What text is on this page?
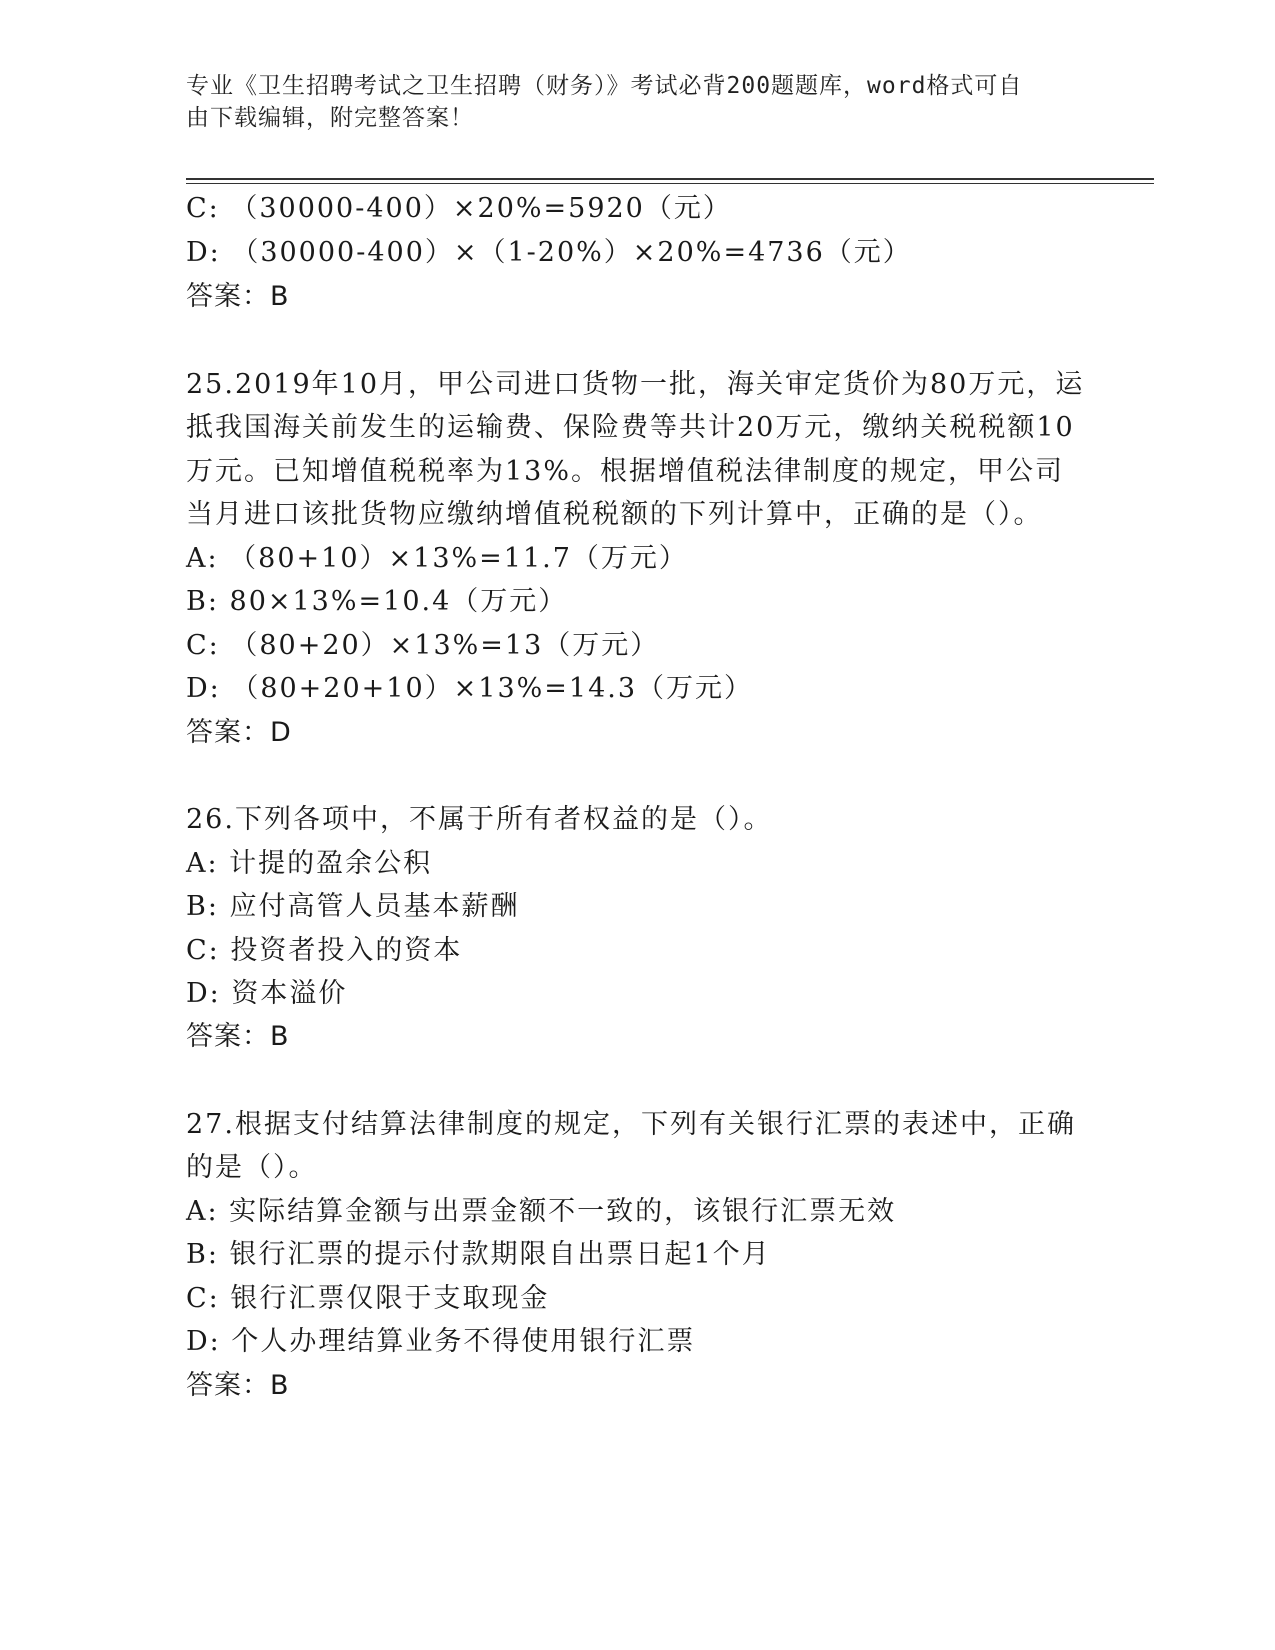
专业《卫生招聘考试之卫生招聘（财务）》考试必背200题题库，word格式可自
由下载编辑，附完整答案！
C: （30000-400）×20%=5920（元）
D: （30000-400）×（1-20%）×20%=4736（元）
答案：B
25.2019年10月，甲公司进口货物一批，海关审定货价为80万元，运
抵我国海关前发生的运输费、保险费等共计20万元，缴纳关税税额10
万元。已知增值税税率为13%。根据增值税法律制度的规定，甲公司
当月进口该批货物应缴纳增值税税额的下列计算中，正确的是（）。
A: （80+10）×13%=11.7（万元）
B: 80×13%=10.4（万元）
C: （80+20）×13%=13（万元）
D: （80+20+10）×13%=14.3（万元）
答案：D
26.下列各项中，不属于所有者权益的是（）。
A: 计提的盈余公积
B: 应付高管人员基本薪酬
C: 投资者投入的资本
D: 资本溢价
答案：B
27.根据支付结算法律制度的规定，下列有关银行汇票的表述中，正确
的是（）。
A: 实际结算金额与出票金额不一致的，该银行汇票无效
B: 银行汇票的提示付款期限自出票日起1个月
C: 银行汇票仅限于支取现金
D: 个人办理结算业务不得使用银行汇票
答案：B
